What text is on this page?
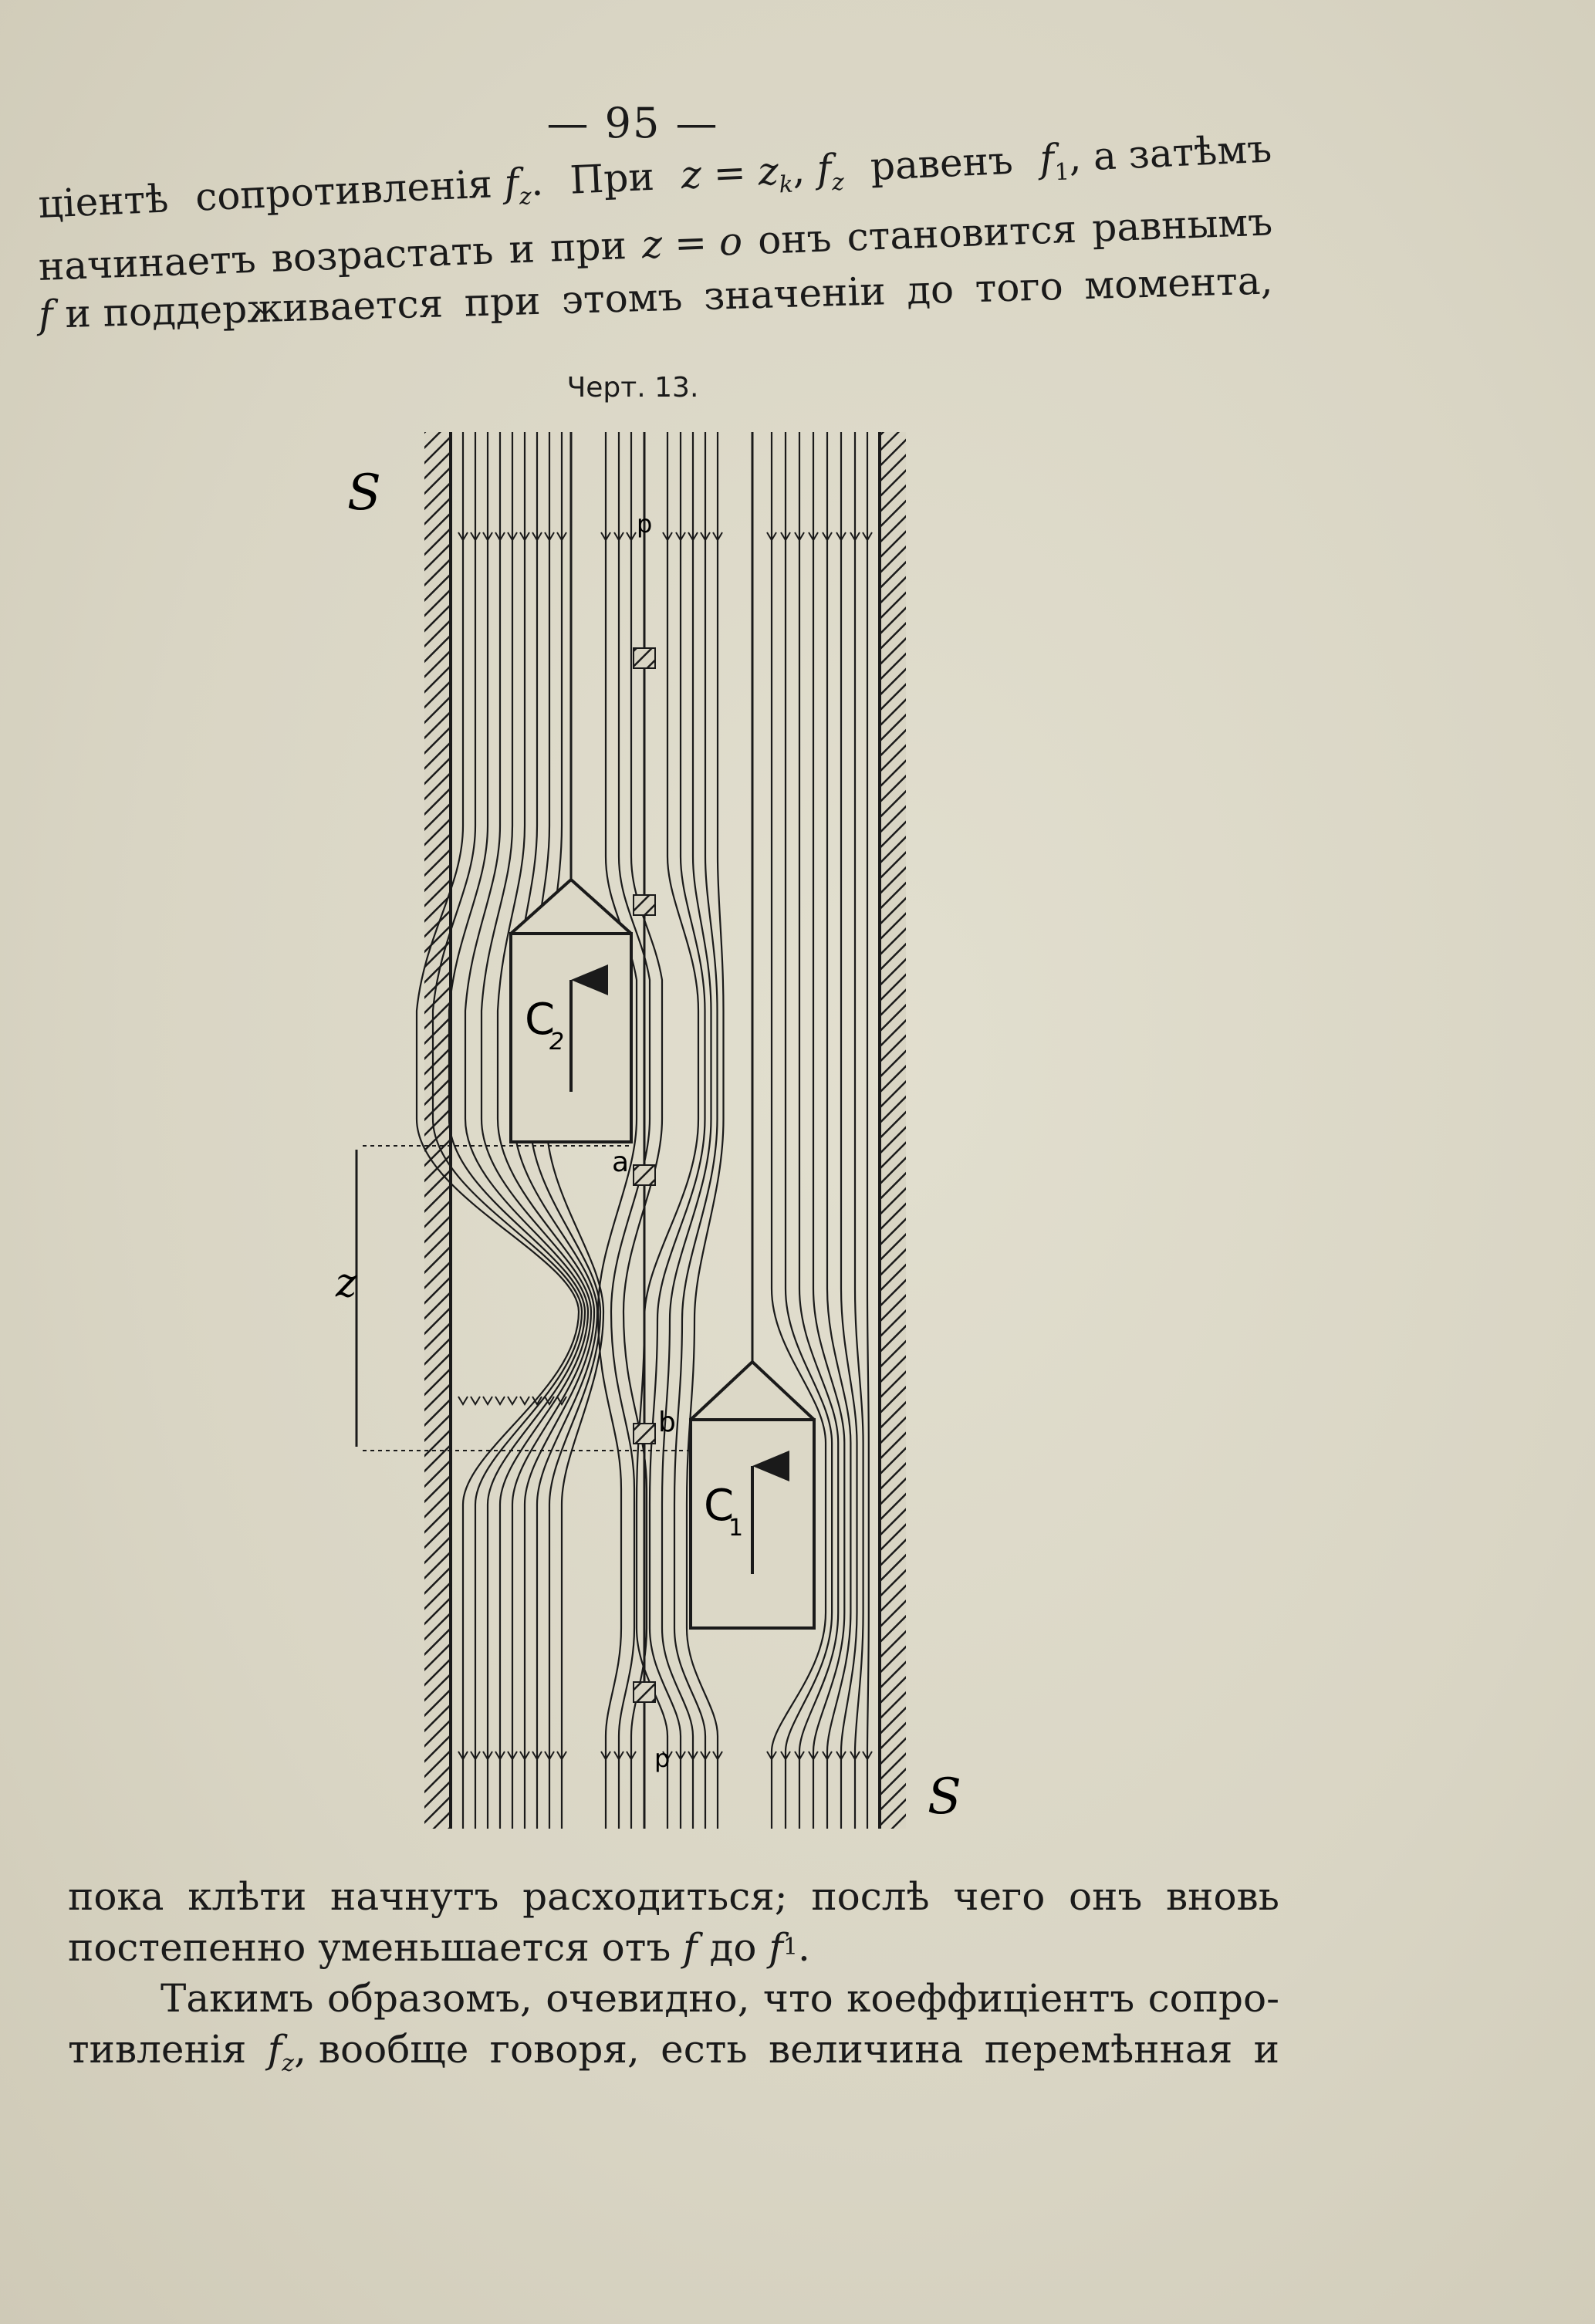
— 95 —
ціентѣ сопротивленія $f_z$. При $z = z_k$, $f_z$ равенъ $f_1$, а затѣмъ
начинаетъ возрастать и при z = o онъ становится равнымъ
f и поддерживается при этомъ значеніи до того момента,
Черт. 13.
C
2
C
1
z
S
S
a
b
p
p
пока клѣти начнутъ расходиться; послѣ чего онъ вновь
постепенно уменьшается отъ
f
до
f 1 .
Такимъ образомъ, очевидно, что коеффиціентъ сопро-
тивленія $f_z$, вообще говоря, есть величина перемѣнная и
